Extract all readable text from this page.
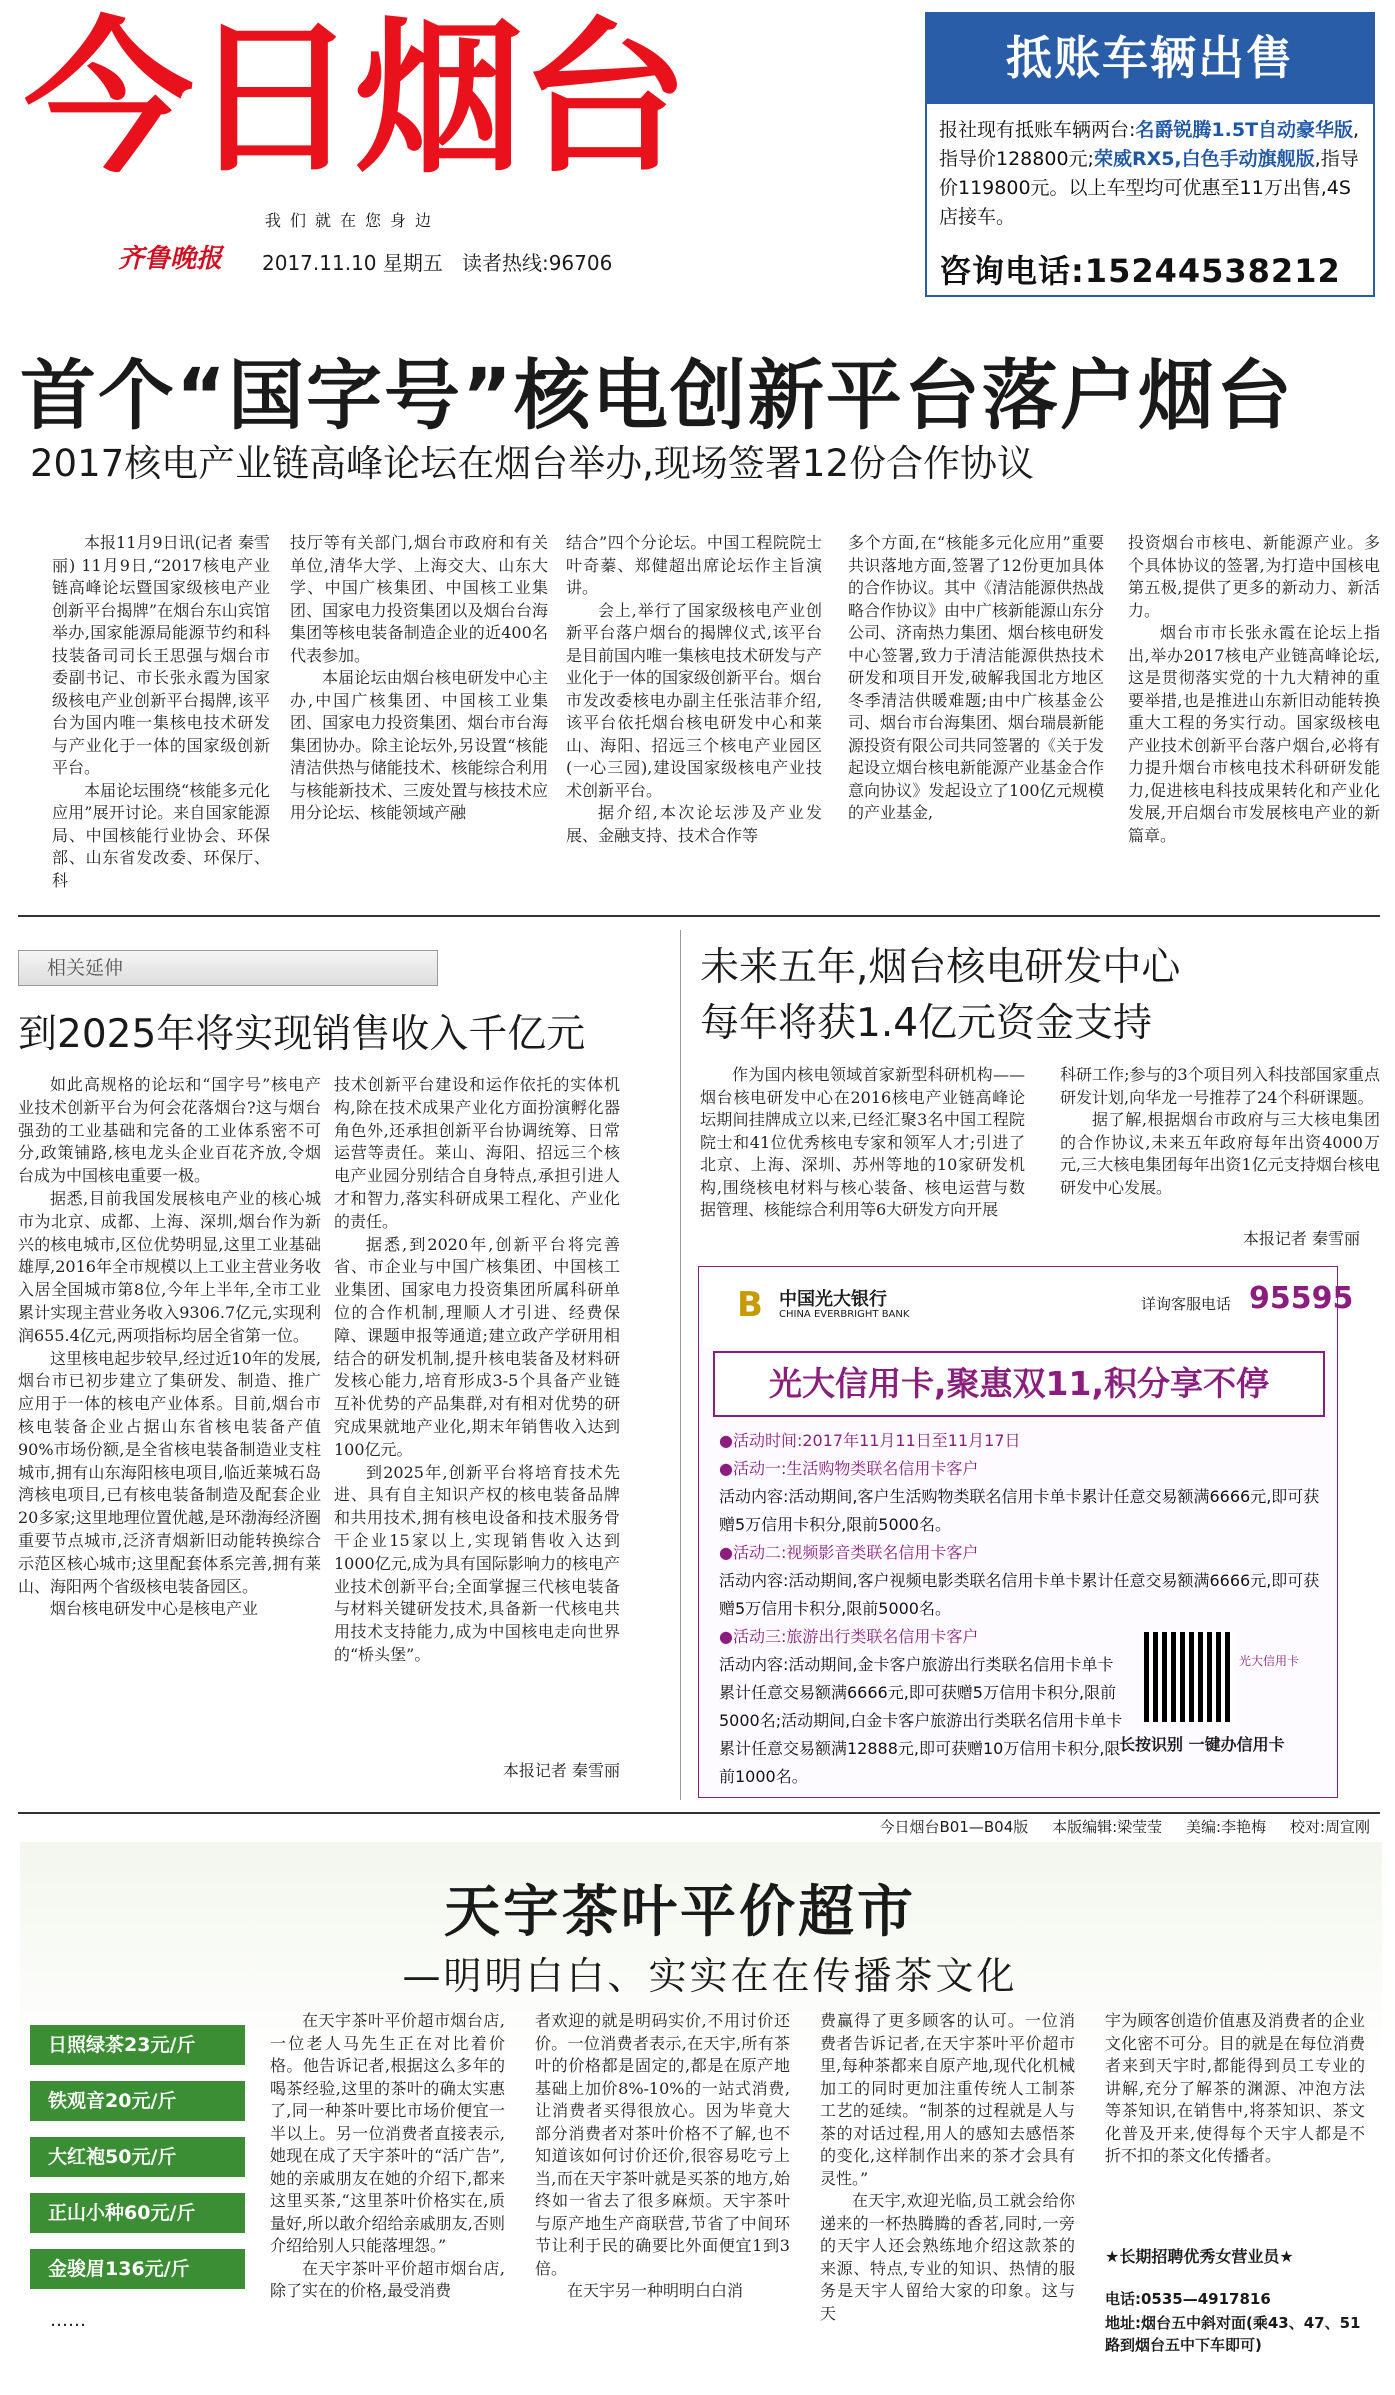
今日烟台
我们就在您身边
齐鲁晚报 2017.11.10 星期五 读者热线:96706
抵账车辆出售
报社现有抵账车辆两台:名爵锐腾1.5T自动豪华版,指导价128800元;荣威RX5,白色手动旗舰版,指导价119800元。以上车型均可优惠至11万出售,4S店接车。
咨询电话:15244538212
首个“国字号”核电创新平台落户烟台
2017核电产业链高峰论坛在烟台举办,现场签署12份合作协议

本报11月9日讯(记者 秦雪丽) 11月9日,“2017核电产业链高峰论坛暨国家级核电产业创新平台揭牌”在烟台东山宾馆举办,国家能源局能源节约和科技装备司司长王思强与烟台市委副书记、市长张永霞为国家级核电产业创新平台揭牌,该平台为国内唯一集核电技术研发与产业化于一体的国家级创新平台。

本届论坛围绕“核能多元化应用”展开讨论。来自国家能源局、中国核能行业协会、环保部、山东省发改委、环保厅、科

技厅等有关部门,烟台市政府和有关单位,清华大学、上海交大、山东大学、中国广核集团、中国核工业集团、国家电力投资集团以及烟台台海集团等核电装备制造企业的近400名代表参加。

本届论坛由烟台核电研发中心主办,中国广核集团、中国核工业集团、国家电力投资集团、烟台市台海集团协办。除主论坛外,另设置“核能清洁供热与储能技术、核能综合利用与核能新技术、三废处置与核技术应用分论坛、核能领域产融

结合”四个分论坛。中国工程院院士叶奇蓁、郑健超出席论坛作主旨演讲。

会上,举行了国家级核电产业创新平台落户烟台的揭牌仪式,该平台是目前国内唯一集核电技术研发与产业化于一体的国家级创新平台。烟台市发改委核电办副主任张洁菲介绍,该平台依托烟台核电研发中心和莱山、海阳、招远三个核电产业园区(一心三园),建设国家级核电产业技术创新平台。

据介绍,本次论坛涉及产业发展、金融支持、技术合作等

多个方面,在“核能多元化应用”重要共识落地方面,签署了12份更加具体的合作协议。其中《清洁能源供热战略合作协议》由中广核新能源山东分公司、济南热力集团、烟台核电研发中心签署,致力于清洁能源供热技术研发和项目开发,破解我国北方地区冬季清洁供暖难题;由中广核基金公司、烟台市台海集团、烟台瑞晨新能源投资有限公司共同签署的《关于发起设立烟台核电新能源产业基金合作意向协议》发起设立了100亿元规模的产业基金,

投资烟台市核电、新能源产业。多个具体协议的签署,为打造中国核电第五极,提供了更多的新动力、新活力。

烟台市市长张永霞在论坛上指出,举办2017核电产业链高峰论坛,这是贯彻落实党的十九大精神的重要举措,也是推进山东新旧动能转换重大工程的务实行动。国家级核电产业技术创新平台落户烟台,必将有力提升烟台市核电技术科研研发能力,促进核电科技成果转化和产业化发展,开启烟台市发展核电产业的新篇章。

相关延伸
到2025年将实现销售收入千亿元

如此高规格的论坛和“国字号”核电产业技术创新平台为何会花落烟台?这与烟台强劲的工业基础和完备的工业体系密不可分,政策铺路,核电龙头企业百花齐放,令烟台成为中国核电重要一极。

据悉,目前我国发展核电产业的核心城市为北京、成都、上海、深圳,烟台作为新兴的核电城市,区位优势明显,这里工业基础雄厚,2016年全市规模以上工业主营业务收入居全国城市第8位,今年上半年,全市工业累计实现主营业务收入9306.7亿元,实现利润655.4亿元,两项指标均居全省第一位。

这里核电起步较早,经过近10年的发展,烟台市已初步建立了集研发、制造、推广应用于一体的核电产业体系。目前,烟台市核电装备企业占据山东省核电装备产值90%市场份额,是全省核电装备制造业支柱城市,拥有山东海阳核电项目,临近莱城石岛湾核电项目,已有核电装备制造及配套企业20多家;这里地理位置优越,是环渤海经济圈重要节点城市,泛济青烟新旧动能转换综合示范区核心城市;这里配套体系完善,拥有莱山、海阳两个省级核电装备园区。

烟台核电研发中心是核电产业

技术创新平台建设和运作依托的实体机构,除在技术成果产业化方面扮演孵化器角色外,还承担创新平台协调统筹、日常运营等责任。莱山、海阳、招远三个核电产业园分别结合自身特点,承担引进人才和智力,落实科研成果工程化、产业化的责任。

据悉,到2020年,创新平台将完善省、市企业与中国广核集团、中国核工业集团、国家电力投资集团所属科研单位的合作机制,理顺人才引进、经费保障、课题申报等通道;建立政产学研用相结合的研发机制,提升核电装备及材料研发核心能力,培育形成3-5个具备产业链互补优势的产品集群,对有相对优势的研究成果就地产业化,期末年销售收入达到100亿元。

到2025年,创新平台将培育技术先进、具有自主知识产权的核电装备品牌和共用技术,拥有核电设备和技术服务骨干企业15家以上,实现销售收入达到1000亿元,成为具有国际影响力的核电产业技术创新平台;全面掌握三代核电装备与材料关键研发技术,具备新一代核电共用技术支持能力,成为中国核电走向世界的“桥头堡”。

本报记者 秦雪丽
未来五年,烟台核电研发中心
每年将获1.4亿元资金支持

作为国内核电领域首家新型科研机构——烟台核电研发中心在2016核电产业链高峰论坛期间挂牌成立以来,已经汇聚3名中国工程院院士和41位优秀核电专家和领军人才;引进了北京、上海、深圳、苏州等地的10家研发机构,围绕核电材料与核心装备、核电运营与数据管理、核能综合利用等6大研发方向开展

科研工作;参与的3个项目列入科技部国家重点研发计划,向华龙一号推荐了24个科研课题。

据了解,根据烟台市政府与三大核电集团的合作协议,未来五年政府每年出资4000万元,三大核电集团每年出资1亿元支持烟台核电研发中心发展。

本报记者 秦雪丽
B 中国光大银行
CHINA EVERBRIGHT BANK
详询客服电话 95595
光大信用卡,聚惠双11,积分享不停
●活动时间:2017年11月11日至11月17日
●活动一:生活购物类联名信用卡客户
活动内容:活动期间,客户生活购物类联名信用卡单卡累计任意交易额满6666元,即可获赠5万信用卡积分,限前5000名。
●活动二:视频影音类联名信用卡客户
活动内容:活动期间,客户视频电影类联名信用卡单卡累计任意交易额满6666元,即可获赠5万信用卡积分,限前5000名。
●活动三:旅游出行类联名信用卡客户
活动内容:活动期间,金卡客户旅游出行类联名信用卡单卡累计任意交易额满6666元,即可获赠5万信用卡积分,限前5000名;活动期间,白金卡客户旅游出行类联名信用卡单卡累计任意交易额满12888元,即可获赠10万信用卡积分,限前1000名。
光大信用卡
长按识别 一键办信用卡
今日烟台B01—B04版 本版编辑:梁莹莹 美编:李艳梅 校对:周宣刚
天宇茶叶平价超市
—明明白白、实实在在传播茶文化
日照绿茶23元/斤
铁观音20元/斤
大红袍50元/斤
正山小种60元/斤
金骏眉136元/斤
……

在天宇茶叶平价超市烟台店,一位老人马先生正在对比着价格。他告诉记者,根据这么多年的喝茶经验,这里的茶叶的确太实惠了,同一种茶叶要比市场价便宜一半以上。另一位消费者直接表示,她现在成了天宇茶叶的“活广告”,她的亲戚朋友在她的介绍下,都来这里买茶,“这里茶叶价格实在,质量好,所以敢介绍给亲戚朋友,否则介绍给别人只能落埋怨。”

在天宇茶叶平价超市烟台店,除了实在的价格,最受消费

者欢迎的就是明码实价,不用讨价还价。一位消费者表示,在天宇,所有茶叶的价格都是固定的,都是在原产地基础上加价8%-10%的一站式消费,让消费者买得很放心。因为毕竟大部分消费者对茶叶价格不了解,也不知道该如何讨价还价,很容易吃亏上当,而在天宇茶叶就是买茶的地方,始终如一省去了很多麻烦。天宇茶叶与原产地生产商联营,节省了中间环节让利于民的确要比外面便宜1到3倍。

在天宇另一种明明白白消

费赢得了更多顾客的认可。一位消费者告诉记者,在天宇茶叶平价超市里,每种茶都来自原产地,现代化机械加工的同时更加注重传统人工制茶工艺的延续。“制茶的过程就是人与茶的对话过程,用人的感知去感悟茶的变化,这样制作出来的茶才会具有灵性。”

在天宇,欢迎光临,员工就会给你递来的一杯热腾腾的香茗,同时,一旁的天宇人还会熟练地介绍这款茶的来源、特点,专业的知识、热情的服务是天宇人留给大家的印象。这与天

宇为顾客创造价值惠及消费者的企业文化密不可分。目的就是在每位消费者来到天宇时,都能得到员工专业的讲解,充分了解茶的渊源、冲泡方法等茶知识,在销售中,将茶知识、茶文化普及开来,使得每个天宇人都是不折不扣的茶文化传播者。

★长期招聘优秀女营业员★
电话:0535—4917816
地址:烟台五中斜对面(乘43、47、51路到烟台五中下车即可)
